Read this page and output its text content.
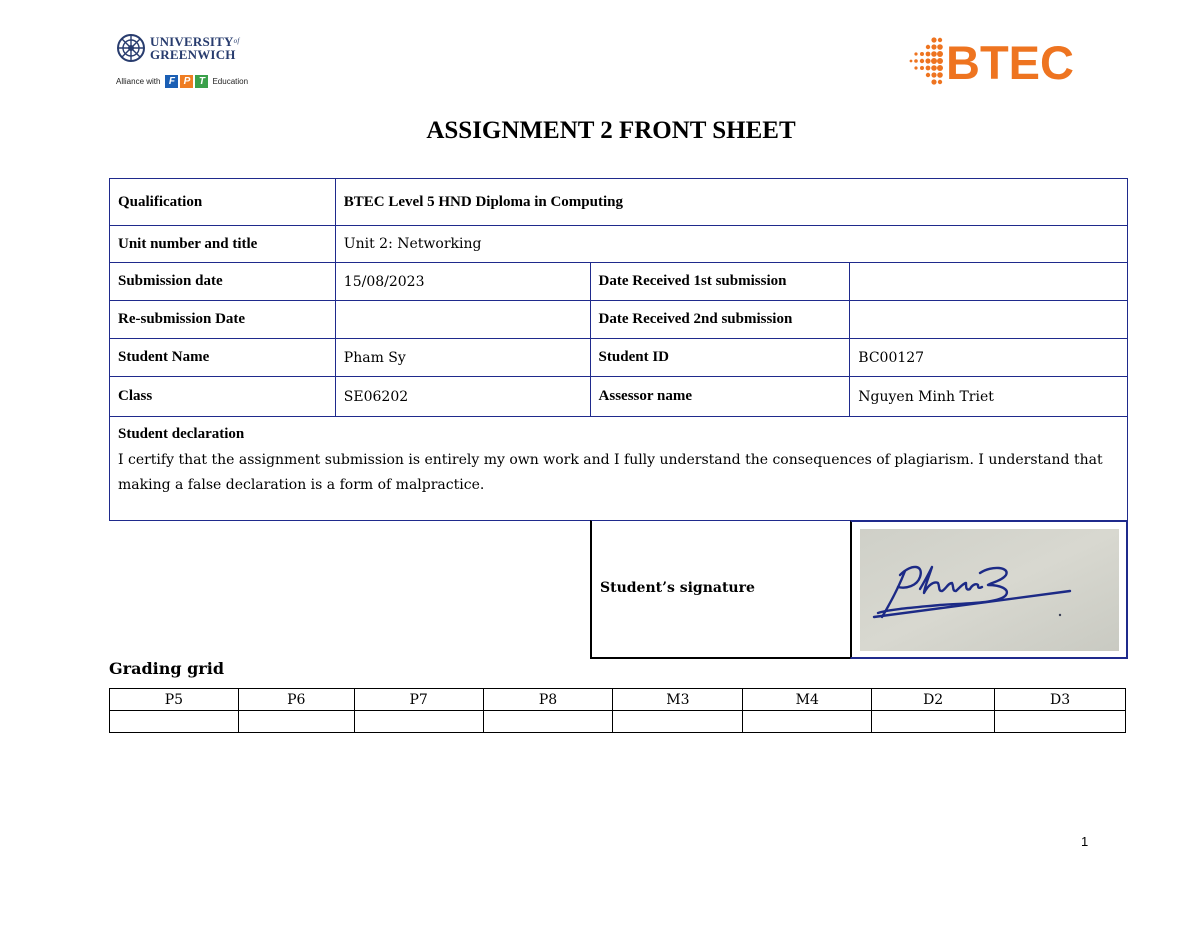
$UNIVERSITY^{of}$
GREENWICH
Alliance with F P T Education	BTEC
ASSIGNMENT 2 FRONT SHEET
Qualification	BTEC Level 5 HND Diploma in Computing		
Unit number and title	Unit 2: Networking		
Submission date	15/08/2023	Date Received 1st submission	
Re-submission Date		Date Received 2nd submission	
Student Name	Pham Sy	Student ID	BC00127
Class	SE06202	Assessor name	Nguyen Minh Triet

Student declaration
I certify that the assignment submission is entirely my own work and I fully understand the consequences of plagiarism. I understand that
making a false declaration is a form of malpractice.			
Student’s signature
Grading grid
P5	P6	P7	P8	M3	M4	D2	D3

1
